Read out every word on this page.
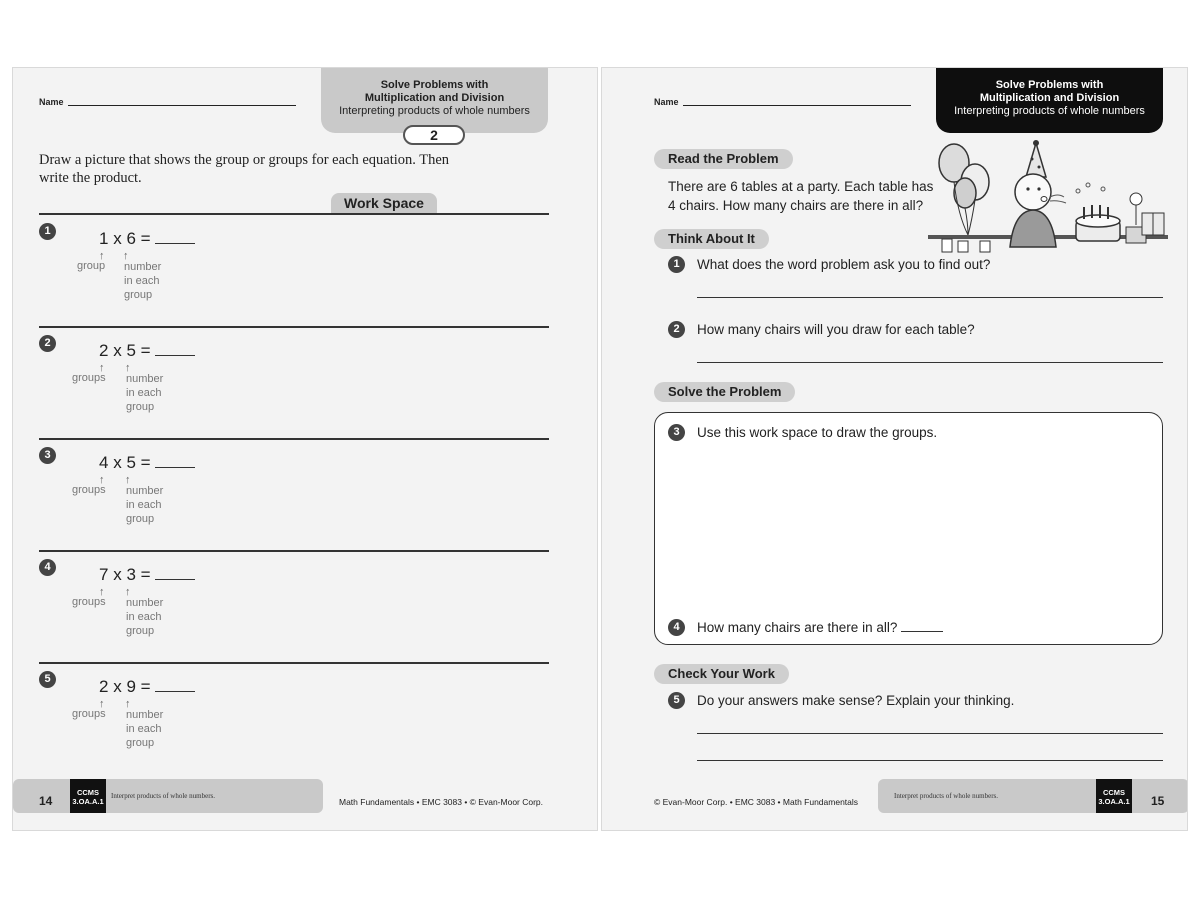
Name
Solve Problems with
Multiplication and Division
Interpreting products of whole numbers
2
Draw a picture that shows the group or groups for each equation. Then write the product.
Work Space
1	1 x 6 =
↑ ↑
group number
in each
group
2	2 x 5 =
↑ ↑
groups number
in each
group
3	4 x 5 =
↑ ↑
groups number
in each
group
4	7 x 3 =
↑ ↑
groups number
in each
group
5	2 x 9 =
↑ ↑
groups number
in each
group
14
CCMS
3.OA.A.1
Interpret products of whole numbers.
Math Fundamentals • EMC 3083 • © Evan-Moor Corp.
Name
Solve Problems with
Multiplication and Division
Interpreting products of whole numbers
Read the Problem
There are 6 tables at a party. Each table has
4 chairs. How many chairs are there in all?
Think About It
1	What does the word problem ask you to find out?
2	How many chairs will you draw for each table?
Solve the Problem
3	Use this work space to draw the groups.
4	How many chairs are there in all?
Check Your Work
5	Do your answers make sense? Explain your thinking.
© Evan-Moor Corp. • EMC 3083 • Math Fundamentals
Interpret products of whole numbers.	CCMS
3.OA.A.1 15
